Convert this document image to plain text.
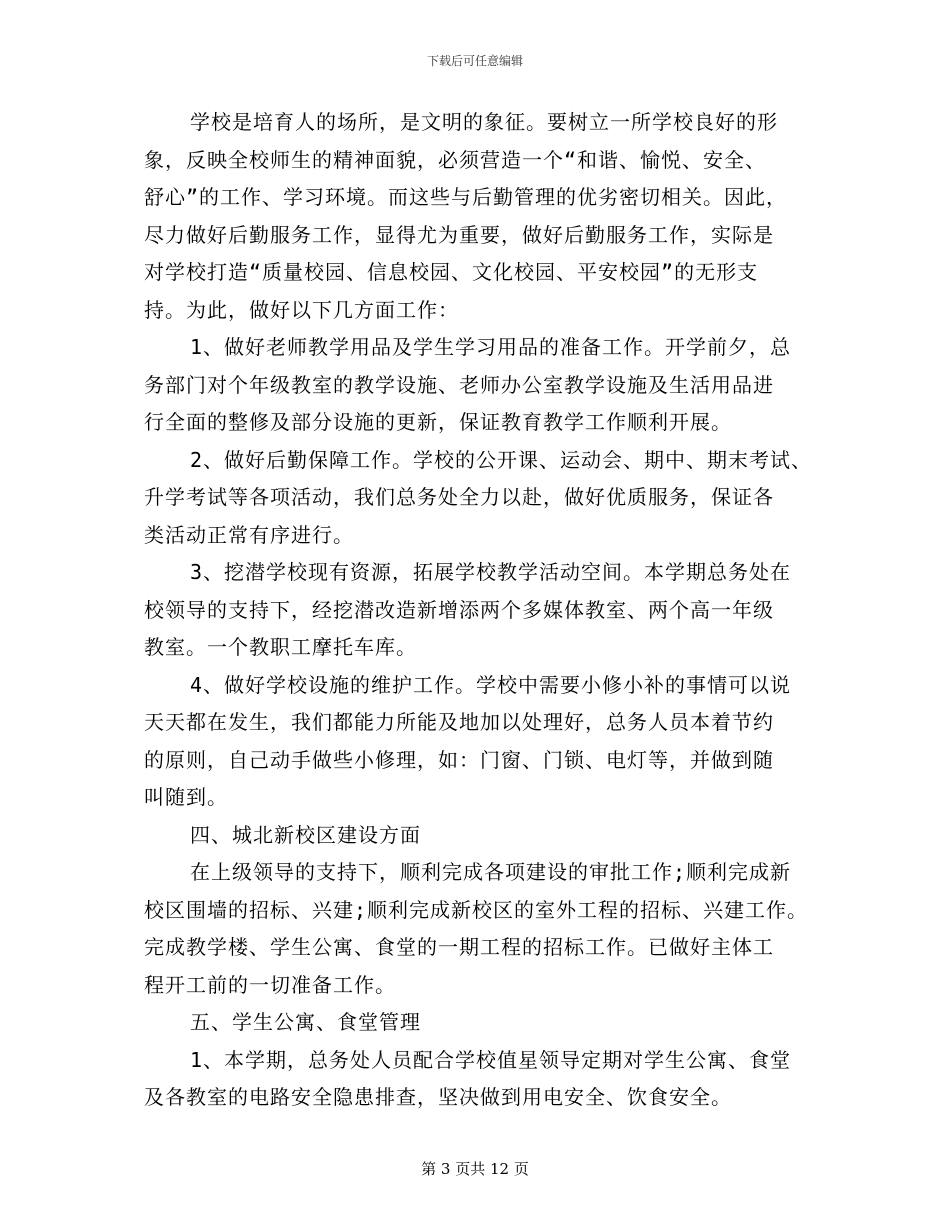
下载后可任意编辑
学校是培育人的场所，是文明的象征。要树立一所学校良好的形
象，反映全校师生的精神面貌，必须营造一个“和谐、愉悦、安全、
舒心”的工作、学习环境。而这些与后勤管理的优劣密切相关。因此，
尽力做好后勤服务工作，显得尤为重要，做好后勤服务工作，实际是
对学校打造“质量校园、信息校园、文化校园、平安校园”的无形支
持。为此，做好以下几方面工作：
1、做好老师教学用品及学生学习用品的准备工作。开学前夕，总
务部门对个年级教室的教学设施、老师办公室教学设施及生活用品进
行全面的整修及部分设施的更新，保证教育教学工作顺利开展。
2、做好后勤保障工作。学校的公开课、运动会、期中、期末考试、
升学考试等各项活动，我们总务处全力以赴，做好优质服务，保证各
类活动正常有序进行。
3、挖潜学校现有资源，拓展学校教学活动空间。本学期总务处在
校领导的支持下，经挖潜改造新增添两个多媒体教室、两个高一年级
教室。一个教职工摩托车库。
4、做好学校设施的维护工作。学校中需要小修小补的事情可以说
天天都在发生，我们都能力所能及地加以处理好，总务人员本着节约
的原则，自己动手做些小修理，如：门窗、门锁、电灯等，并做到随
叫随到。
四、城北新校区建设方面
在上级领导的支持下，顺利完成各项建设的审批工作;顺利完成新
校区围墙的招标、兴建;顺利完成新校区的室外工程的招标、兴建工作。
完成教学楼、学生公寓、食堂的一期工程的招标工作。已做好主体工
程开工前的一切准备工作。
五、学生公寓、食堂管理
1、本学期，总务处人员配合学校值星领导定期对学生公寓、食堂
及各教室的电路安全隐患排查，坚决做到用电安全、饮食安全。
第 3 页共 12 页
